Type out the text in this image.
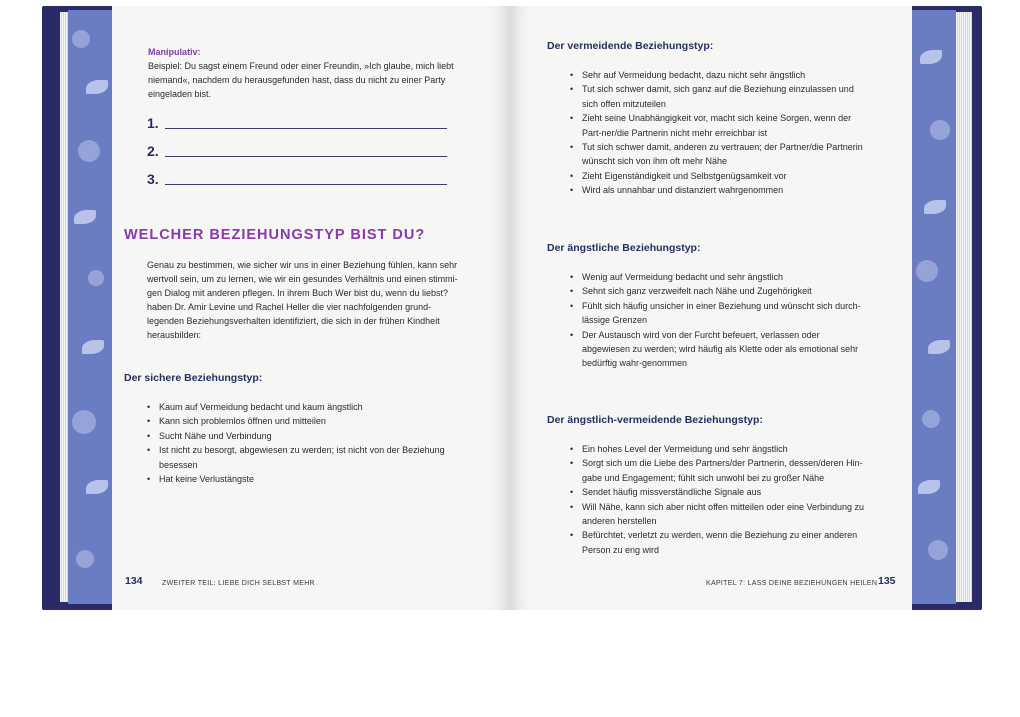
Manipulativ:
Beispiel: Du sagst einem Freund oder einer Freundin, »Ich glaube, mich liebt
niemand«, nachdem du herausgefunden hast, dass du nicht zu einer Party
eingeladen bist.
1.
2.
3.
WELCHER BEZIEHUNGSTYP BIST DU?
Genau zu bestimmen, wie sicher wir uns in einer Beziehung fühlen, kann sehr
wertvoll sein, um zu lernen, wie wir ein gesundes Verhältnis und einen stimmi-
gen Dialog mit anderen pflegen. In ihrem Buch Wer bist du, wenn du liebst?
haben Dr. Amir Levine und Rachel Heller die vier nachfolgenden grund-
legenden Beziehungsverhalten identifiziert, die sich in der frühen Kindheit
herausbilden:
Der sichere Beziehungstyp:
• Kaum auf Vermeidung bedacht und kaum ängstlich
• Kann sich problemlos öffnen und mitteilen
• Sucht Nähe und Verbindung
• Ist nicht zu besorgt, abgewiesen zu werden; ist nicht von der Beziehung besessen
• Hat keine Verlustängste
134	ZWEITER TEIL: LIEBE DICH SELBST MEHR
Der vermeidende Beziehungstyp:
• Sehr auf Vermeidung bedacht, dazu nicht sehr ängstlich
• Tut sich schwer damit, sich ganz auf die Beziehung einzulassen und sich offen mitzuteilen
• Zieht seine Unabhängigkeit vor, macht sich keine Sorgen, wenn der Part-ner/die Partnerin nicht mehr erreichbar ist
• Tut sich schwer damit, anderen zu vertrauen; der Partner/die Partnerin wünscht sich von ihm oft mehr Nähe
• Zieht Eigenständigkeit und Selbstgenügsamkeit vor
• Wird als unnahbar und distanziert wahrgenommen
Der ängstliche Beziehungstyp:
• Wenig auf Vermeidung bedacht und sehr ängstlich
• Sehnt sich ganz verzweifelt nach Nähe und Zugehörigkeit
• Fühlt sich häufig unsicher in einer Beziehung und wünscht sich durch-lässige Grenzen
• Der Austausch wird von der Furcht befeuert, verlassen oder abgewiesen zu werden; wird häufig als Klette oder als emotional sehr bedürftig wahr-genommen
Der ängstlich-vermeidende Beziehungstyp:
• Ein hohes Level der Vermeidung und sehr ängstlich
• Sorgt sich um die Liebe des Partners/der Partnerin, dessen/deren Hin-gabe und Engagement; fühlt sich unwohl bei zu großer Nähe
• Sendet häufig missverständliche Signale aus
• Will Nähe, kann sich aber nicht offen mitteilen oder eine Verbindung zu anderen herstellen
• Befürchtet, verletzt zu werden, wenn die Beziehung zu einer anderen Person zu eng wird
KAPITEL 7: LASS DEINE BEZIEHUNGEN HEILEN 135
